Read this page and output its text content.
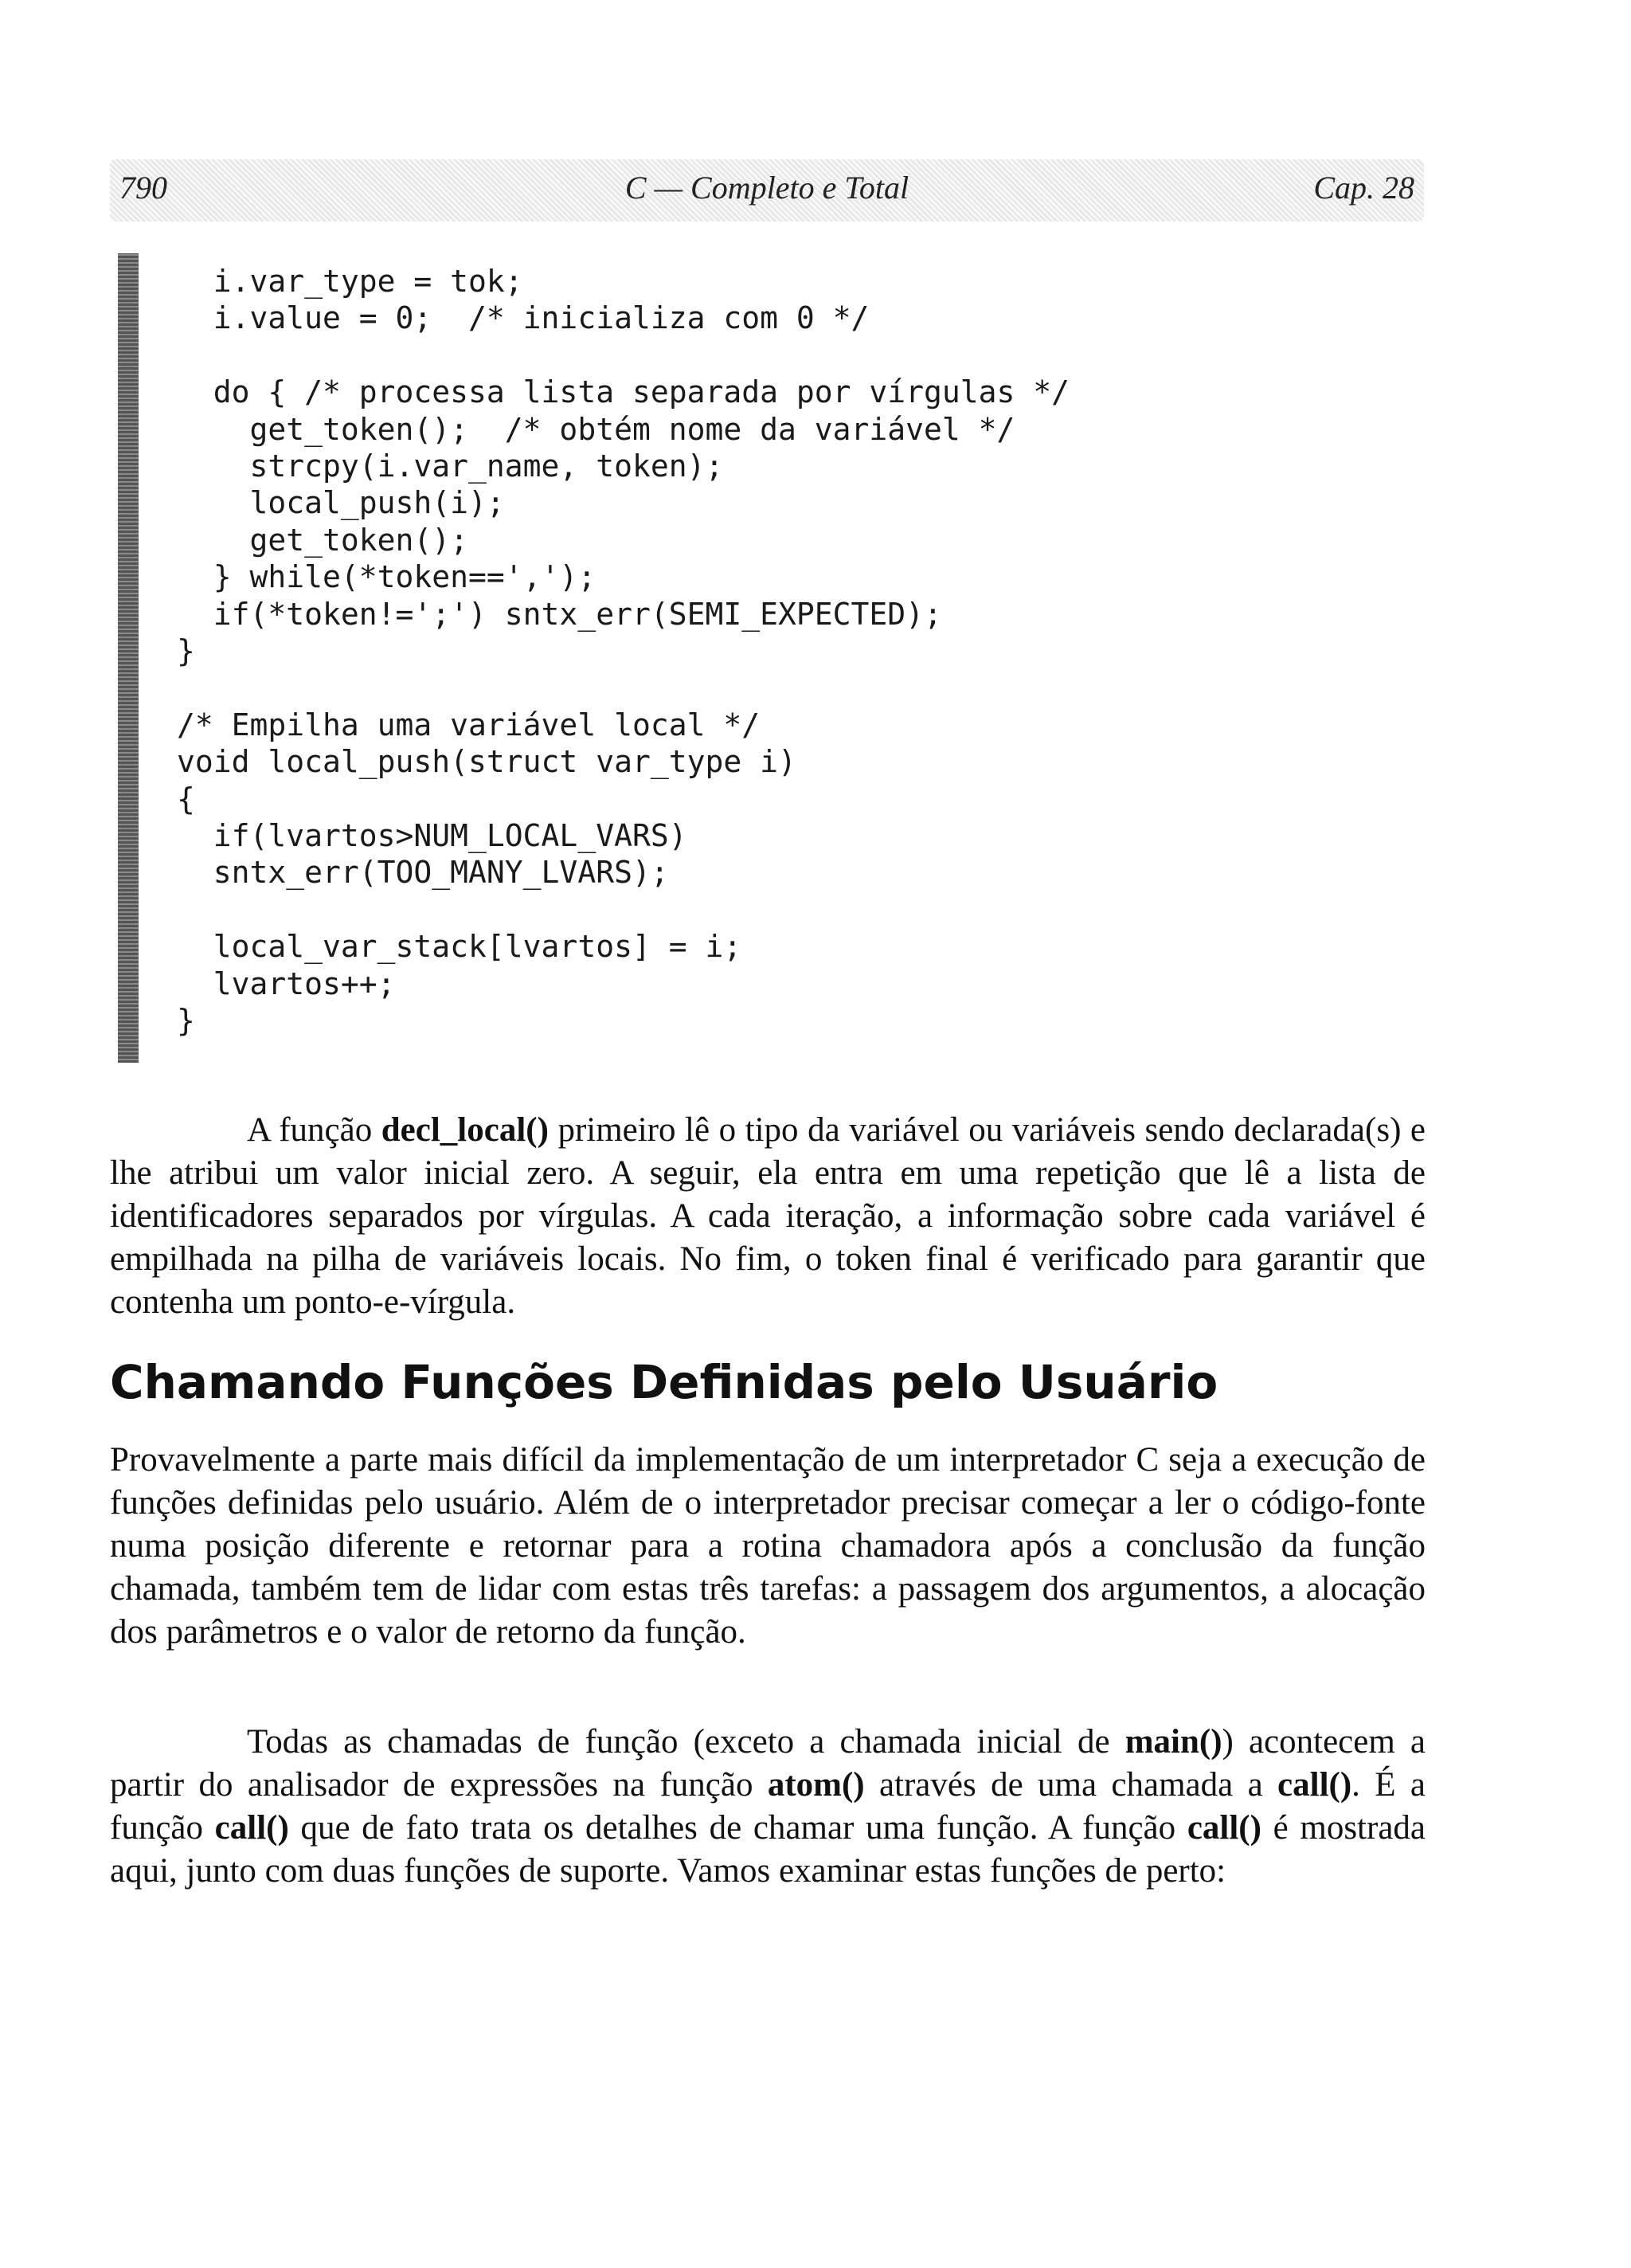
790	C — Completo e Total	Cap. 28
i.var_type = tok;
i.value = 0;  /* inicializa com 0 */
do { /* processa lista separada por vírgulas */
get_token();  /* obtém nome da variável */
strcpy(i.var_name, token);
local_push(i);
get_token();
} while(*token==',');
if(*token!=';') sntx_err(SEMI_EXPECTED);
}
/* Empilha uma variável local */
void local_push(struct var_type i)
{
if(lvartos>NUM_LOCAL_VARS)
sntx_err(TOO_MANY_LVARS);
local_var_stack[lvartos] = i;
lvartos++;
}

A função decl_local() primeiro lê o tipo da variável ou variáveis sendo declarada(s) e lhe atribui um valor inicial zero. A seguir, ela entra em uma repetição que lê a lista de identificadores separados por vírgulas. A cada iteração, a informação sobre cada variável é empilhada na pilha de variáveis locais. No fim, o token final é verificado para garantir que contenha um ponto-e-vírgula.

Chamando Funções Definidas pelo Usuário

Provavelmente a parte mais difícil da implementação de um interpretador C seja a execução de funções definidas pelo usuário. Além de o interpretador precisar começar a ler o código-fonte numa posição diferente e retornar para a rotina chamadora após a conclusão da função chamada, também tem de lidar com estas três tarefas: a passagem dos argumentos, a alocação dos parâmetros e o valor de retorno da função.

Todas as chamadas de função (exceto a chamada inicial de main()) acontecem a partir do analisador de expressões na função atom() através de uma chamada a call(). É a função call() que de fato trata os detalhes de chamar uma função. A função call() é mostrada aqui, junto com duas funções de suporte. Vamos examinar estas funções de perto:
